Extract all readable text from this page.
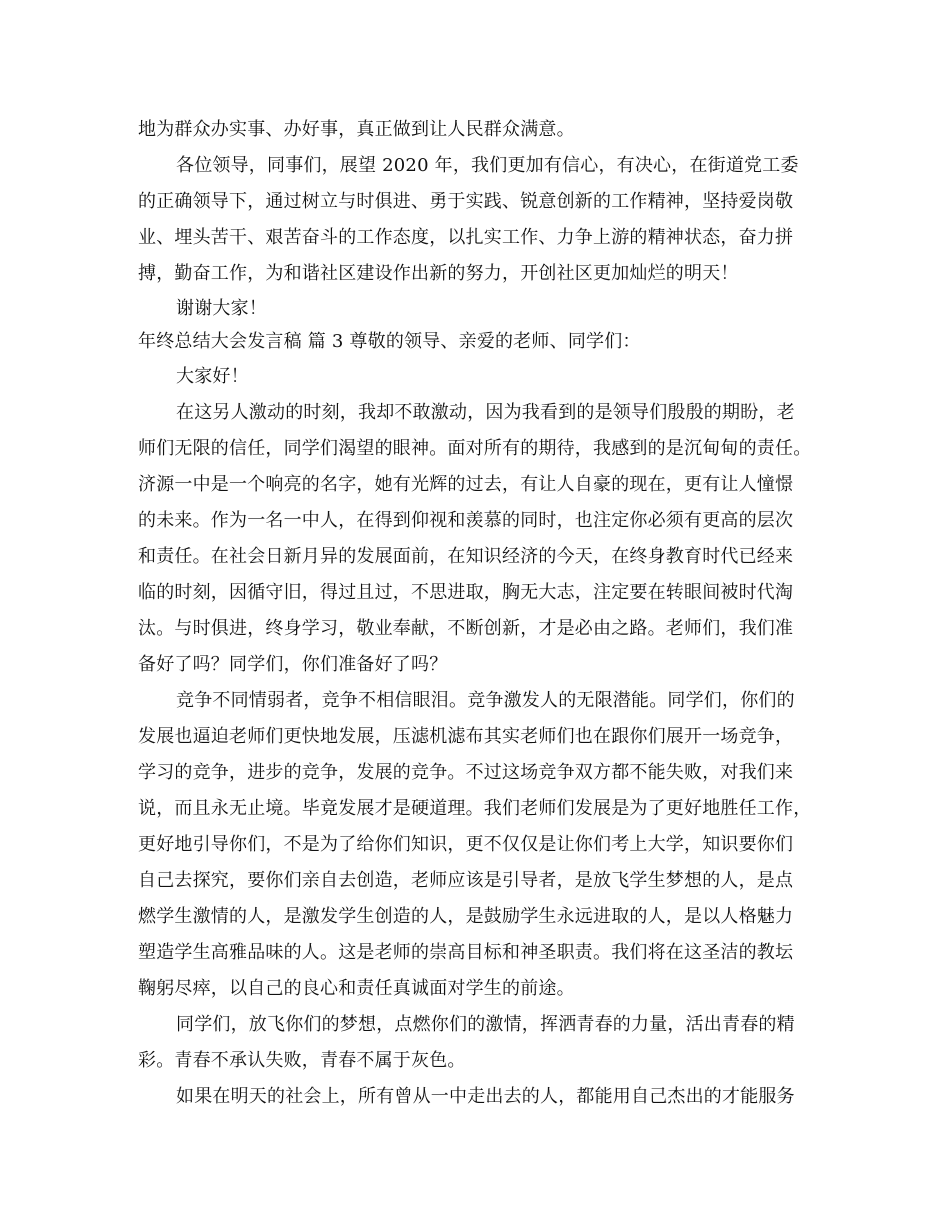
地为群众办实事、办好事，真正做到让人民群众满意。
各位领导，同事们，展望 2020 年，我们更加有信心，有决心，在街道党工委
的正确领导下，通过树立与时俱进、勇于实践、锐意创新的工作精神，坚持爱岗敬
业、埋头苦干、艰苦奋斗的工作态度，以扎实工作、力争上游的精神状态，奋力拼
搏，勤奋工作，为和谐社区建设作出新的努力，开创社区更加灿烂的明天！
谢谢大家！
年终总结大会发言稿 篇 3 尊敬的领导、亲爱的老师、同学们：
大家好！
在这另人激动的时刻，我却不敢激动，因为我看到的是领导们殷殷的期盼，老
师们无限的信任，同学们渴望的眼神。面对所有的期待，我感到的是沉甸甸的责任。
济源一中是一个响亮的名字，她有光辉的过去，有让人自豪的现在，更有让人憧憬
的未来。作为一名一中人，在得到仰视和羡慕的同时，也注定你必须有更高的层次
和责任。在社会日新月异的发展面前，在知识经济的今天，在终身教育时代已经来
临的时刻，因循守旧，得过且过，不思进取，胸无大志，注定要在转眼间被时代淘
汰。与时俱进，终身学习，敬业奉献，不断创新，才是必由之路。老师们，我们准
备好了吗？同学们，你们准备好了吗？
竞争不同情弱者，竞争不相信眼泪。竞争激发人的无限潜能。同学们，你们的
发展也逼迫老师们更快地发展，压滤机滤布其实老师们也在跟你们展开一场竞争，
学习的竞争，进步的竞争，发展的竞争。不过这场竞争双方都不能失败，对我们来
说，而且永无止境。毕竟发展才是硬道理。我们老师们发展是为了更好地胜任工作，
更好地引导你们，不是为了给你们知识，更不仅仅是让你们考上大学，知识要你们
自己去探究，要你们亲自去创造，老师应该是引导者，是放飞学生梦想的人，是点
燃学生激情的人，是激发学生创造的人，是鼓励学生永远进取的人，是以人格魅力
塑造学生高雅品味的人。这是老师的崇高目标和神圣职责。我们将在这圣洁的教坛
鞠躬尽瘁，以自己的良心和责任真诚面对学生的前途。
同学们，放飞你们的梦想，点燃你们的激情，挥洒青春的力量，活出青春的精
彩。青春不承认失败，青春不属于灰色。
如果在明天的社会上，所有曾从一中走出去的人，都能用自己杰出的才能服务
